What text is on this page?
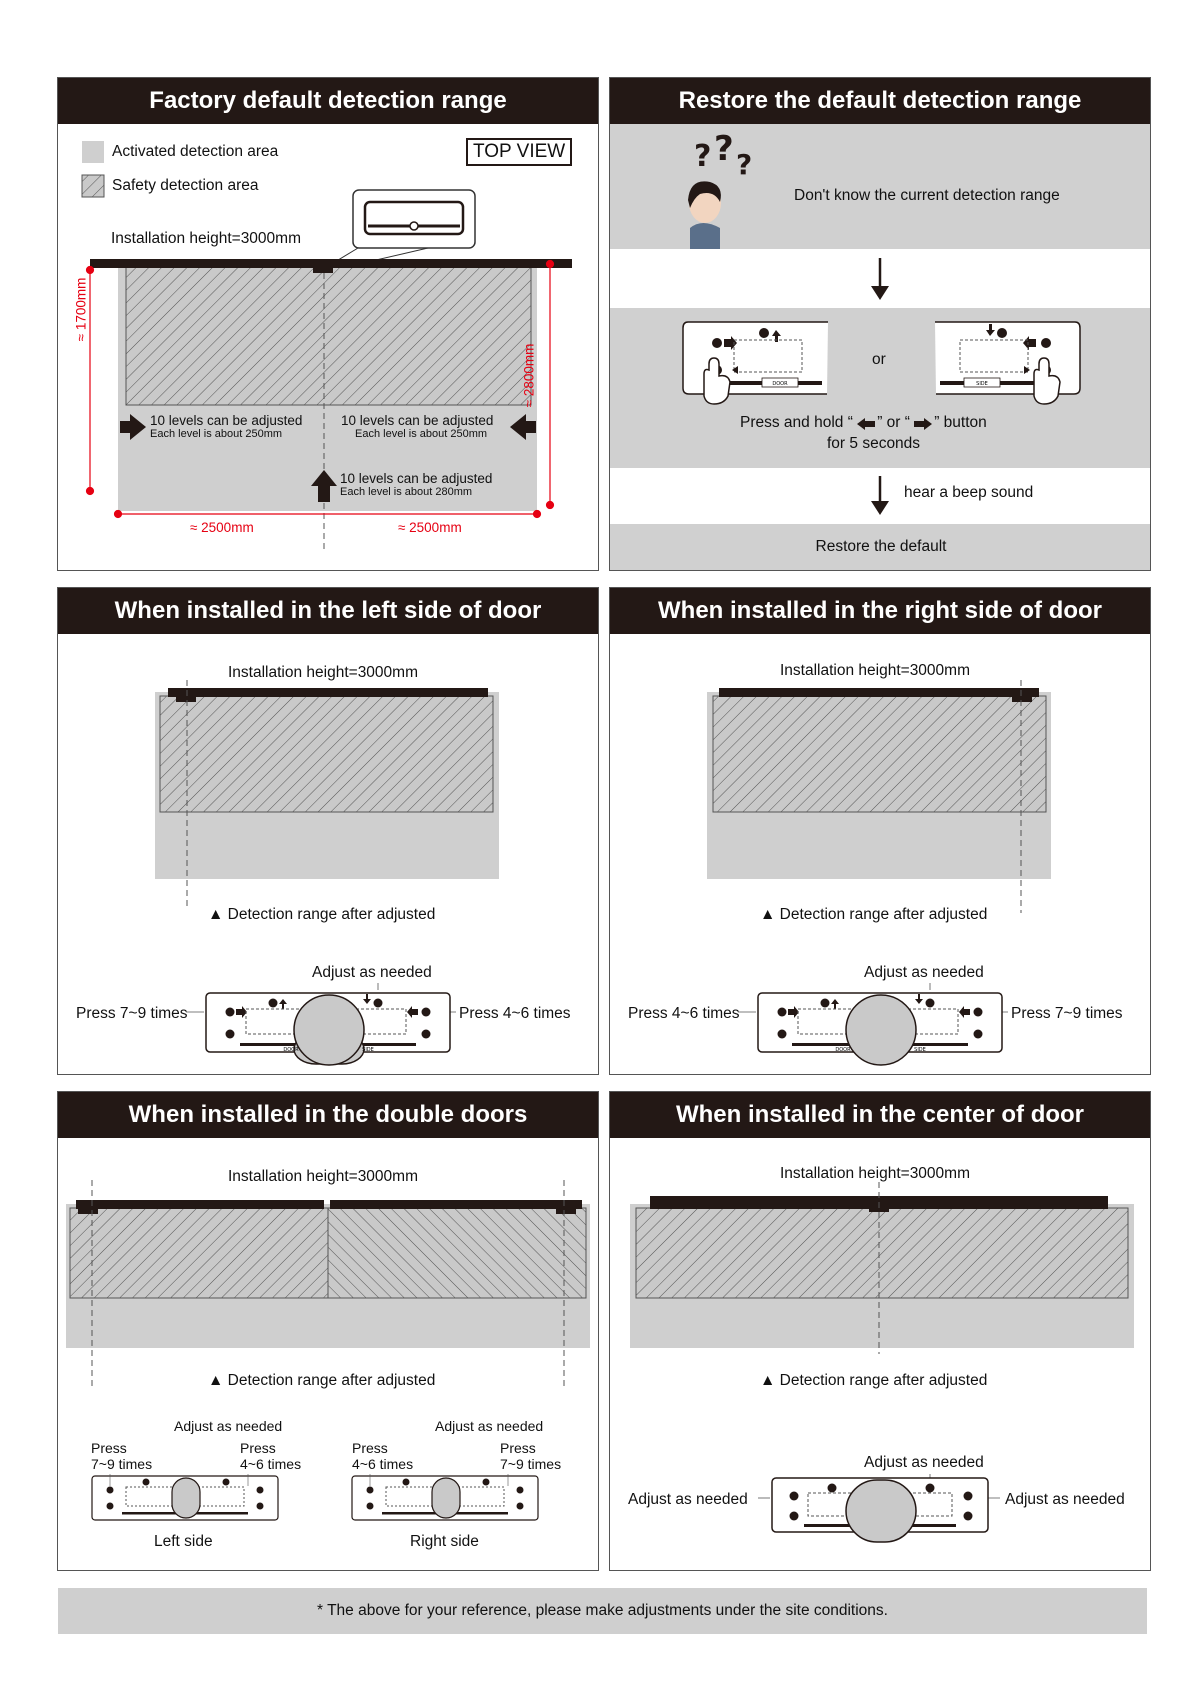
Factory default detection range
Activated detection area
Safety detection area
TOP VIEW
Installation height=3000mm
≈ 1700mm
≈ 2800mm
10 levels can be adjusted
Each level is about 250mm
10 levels can be adjusted
Each level is about 250mm
10 levels can be adjusted
Each level is about 280mm
≈ 2500mm	≈ 2500mm
Restore the default detection range
? ? ?
Don't know the current detection range
DOOR	SIDE
or
Press and hold “ ” or “ ” button
for 5 seconds
hear a beep sound
Restore the default
When installed in the left side of door
Installation height=3000mm
▲ Detection range after adjusted
Adjust as needed
Press 7~9 times	Press 4~6 times
DOOR	SIDE
When installed in the right side of door
Installation height=3000mm
▲ Detection range after adjusted
Adjust as needed
Press 4~6 times	Press 7~9 times
DOOR	SIDE
When installed in the double doors
Installation height=3000mm
▲ Detection range after adjusted
Adjust as needed
Press
7~9 times
Press
4~6 times
Left side
Adjust as needed
Press
4~6 times
Press
7~9 times
Right side
When installed in the center of door
Installation height=3000mm
▲ Detection range after adjusted
Adjust as needed
Adjust as needed	Adjust as needed
* The above for your reference, please make adjustments under the site conditions.
